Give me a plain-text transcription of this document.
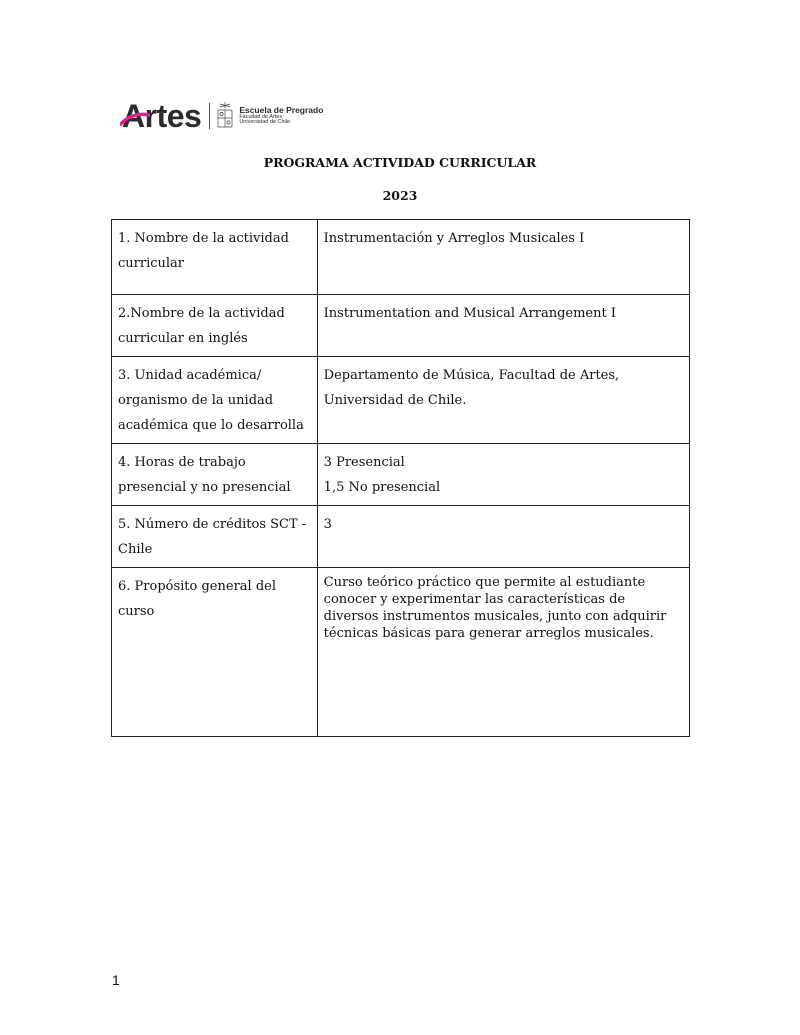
Artes	Escuela de Pregrado
Facultad de Artes
Universidad de Chile
PROGRAMA ACTIVIDAD CURRICULAR
2023
1. Nombre de la actividad curricular	Instrumentación y Arreglos Musicales I
2.Nombre de la actividad curricular en inglés	Instrumentation and Musical Arrangement I
3. Unidad académica/ organismo de la unidad académica que lo desarrolla	Departamento de Música, Facultad de Artes, Universidad de Chile.
4. Horas de trabajo presencial y no presencial	3 Presencial
1,5 No presencial

5. Número de créditos SCT - Chile	3
6. Propósito general del curso	Curso teórico práctico que permite al estudiante conocer y experimentar las características de diversos instrumentos musicales, junto con adquirir técnicas básicas para generar arreglos musicales.
1
